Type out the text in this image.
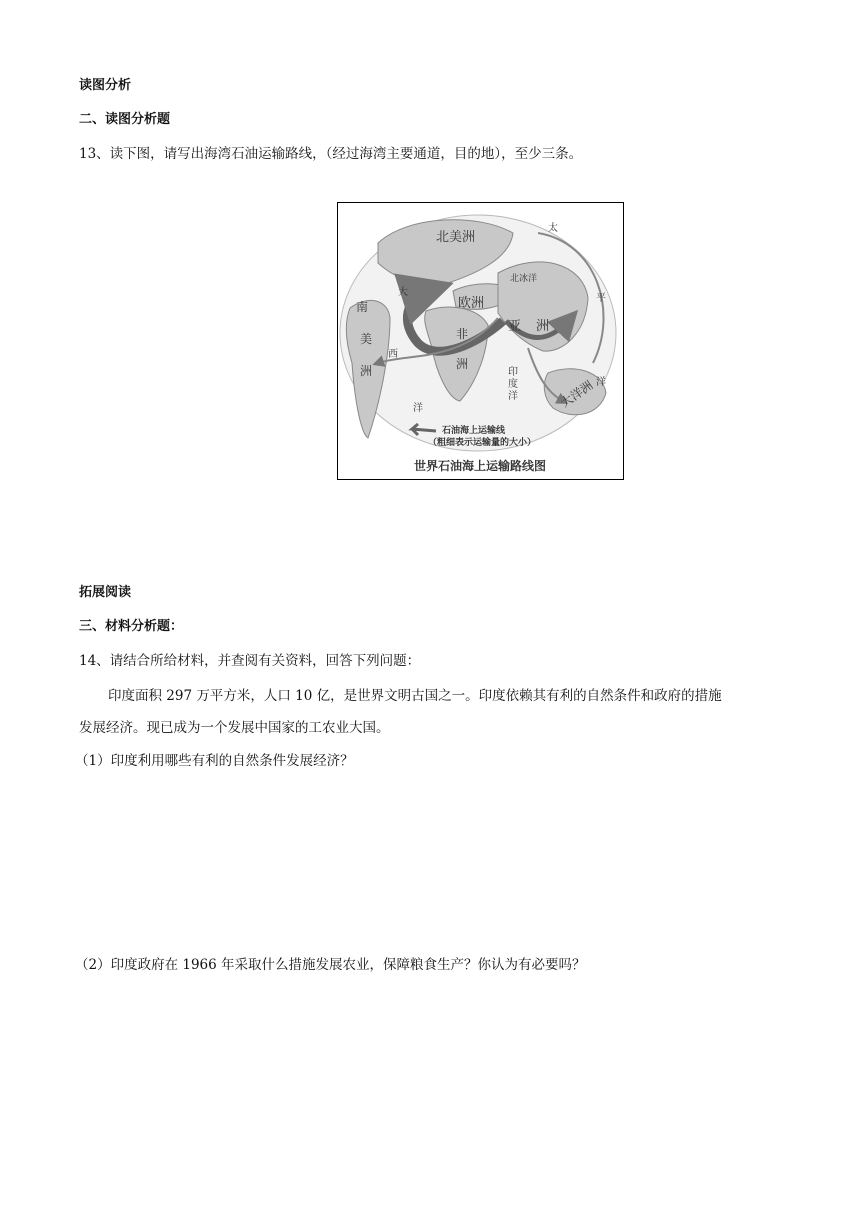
读图分析
二、读图分析题
13、读下图，请写出海湾石油运输路线，（经过海湾主要通道，目的地），至少三条。
北美洲
南
美
洲
欧洲
非
洲
亚 洲
大洋洲
太
平
洋
大
西
洋
印
度
洋
北冰洋
石油海上运输线
（粗细表示运输量的大小）
世界石油海上运输路线图
拓展阅读
三、材料分析题：
14、请结合所给材料，并查阅有关资料，回答下列问题：
印度面积 297 万平方米，人口 10 亿，是世界文明古国之一。印度依赖其有利的自然条件和政府的措施
发展经济。现已成为一个发展中国家的工农业大国。
（1）印度利用哪些有利的自然条件发展经济？
（2）印度政府在 1966 年采取什么措施发展农业，保障粮食生产？你认为有必要吗？
